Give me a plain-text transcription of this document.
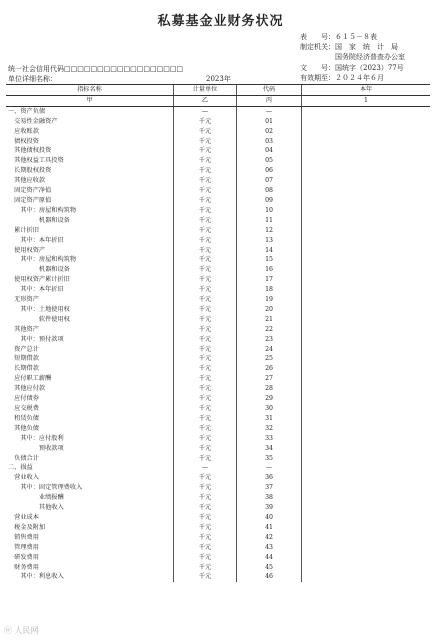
私募基金业财务状况
表　　号：６１５－８表
制定机关：国　家　统　计　局
　　　　　国务院经济普查办公室
文　　号：国统字（2023）77号
有效期至：２０２４年６月
统一社会信用代码□□□□□□□□□□□□□□□□□□
单位详细名称：	2023年
指标名称	计量单位	代码	本年
甲	乙	丙	1
一、资产负债	—	—	
　交易性金融资产	千元	01	
　应收账款	千元	02	
　债权投资	千元	03	
　其他债权投资	千元	04	
　其他权益工具投资	千元	05	
　长期股权投资	千元	06	
　其他应收款	千元	07	
　固定资产净值	千元	08	
　固定资产原值	千元	09	
　　其中：房屋和构筑物	千元	10	
　　　　　机器和设备	千元	11	
　累计折旧	千元	12	
　　其中：本年折旧	千元	13	
　使用权资产	千元	14	
　　其中：房屋和构筑物	千元	15	
　　　　　机器和设备	千元	16	
　使用权资产累计折旧	千元	17	
　　其中：本年折旧	千元	18	
　无形资产	千元	19	
　　其中：土地使用权	千元	20	
　　　　　软件使用权	千元	21	
　其他资产	千元	22	
　　其中：预付款项	千元	23	
　资产总计	千元	24	
　短期借款	千元	25	
　长期借款	千元	26	
　应付职工薪酬	千元	27	
　其他应付款	千元	28	
　应付债券	千元	29	
　应交税费	千元	30	
　租赁负债	千元	31	
　其他负债	千元	32	
　　其中：应付股利	千元	33	
　　　　　预收款项	千元	34	
　负债合计	千元	35	
二、损益	—	—	
　营业收入	千元	36	
　　其中：固定管理费收入	千元	37	
　　　　　业绩报酬	千元	38	
　　　　　其他收入	千元	39	
　营业成本	千元	40	
　税金及附加	千元	41	
　销售费用	千元	42	
　管理费用	千元	43	
　研发费用	千元	44	
　财务费用	千元	45	
　　其中：利息收入	千元	46	
ⓦ 人民网
